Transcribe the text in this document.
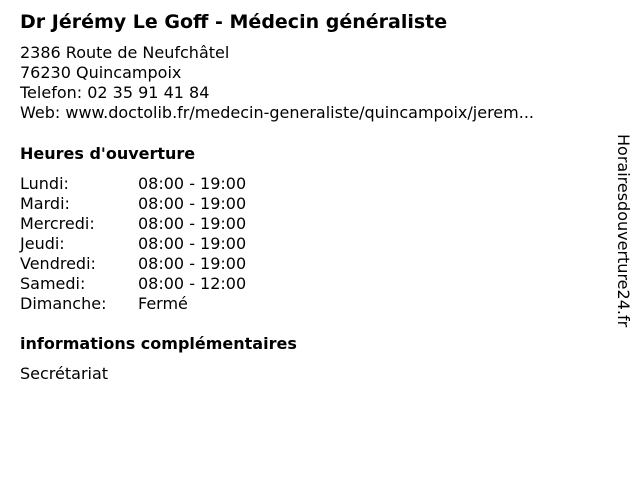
Dr Jérémy Le Goff - Médecin généraliste
2386 Route de Neufchâtel
76230 Quincampoix
Telefon: 02 35 91 41 84
Web: www.doctolib.fr/medecin-generaliste/quincampoix/jerem...
Heures d'ouverture
Lundi:	08:00 - 19:00
Mardi:	08:00 - 19:00
Mercredi:	08:00 - 19:00
Jeudi:	08:00 - 19:00
Vendredi:	08:00 - 19:00
Samedi:	08:00 - 12:00
Dimanche:	Fermé
informations complémentaires
Secrétariat
Horairesdouverture24.fr
